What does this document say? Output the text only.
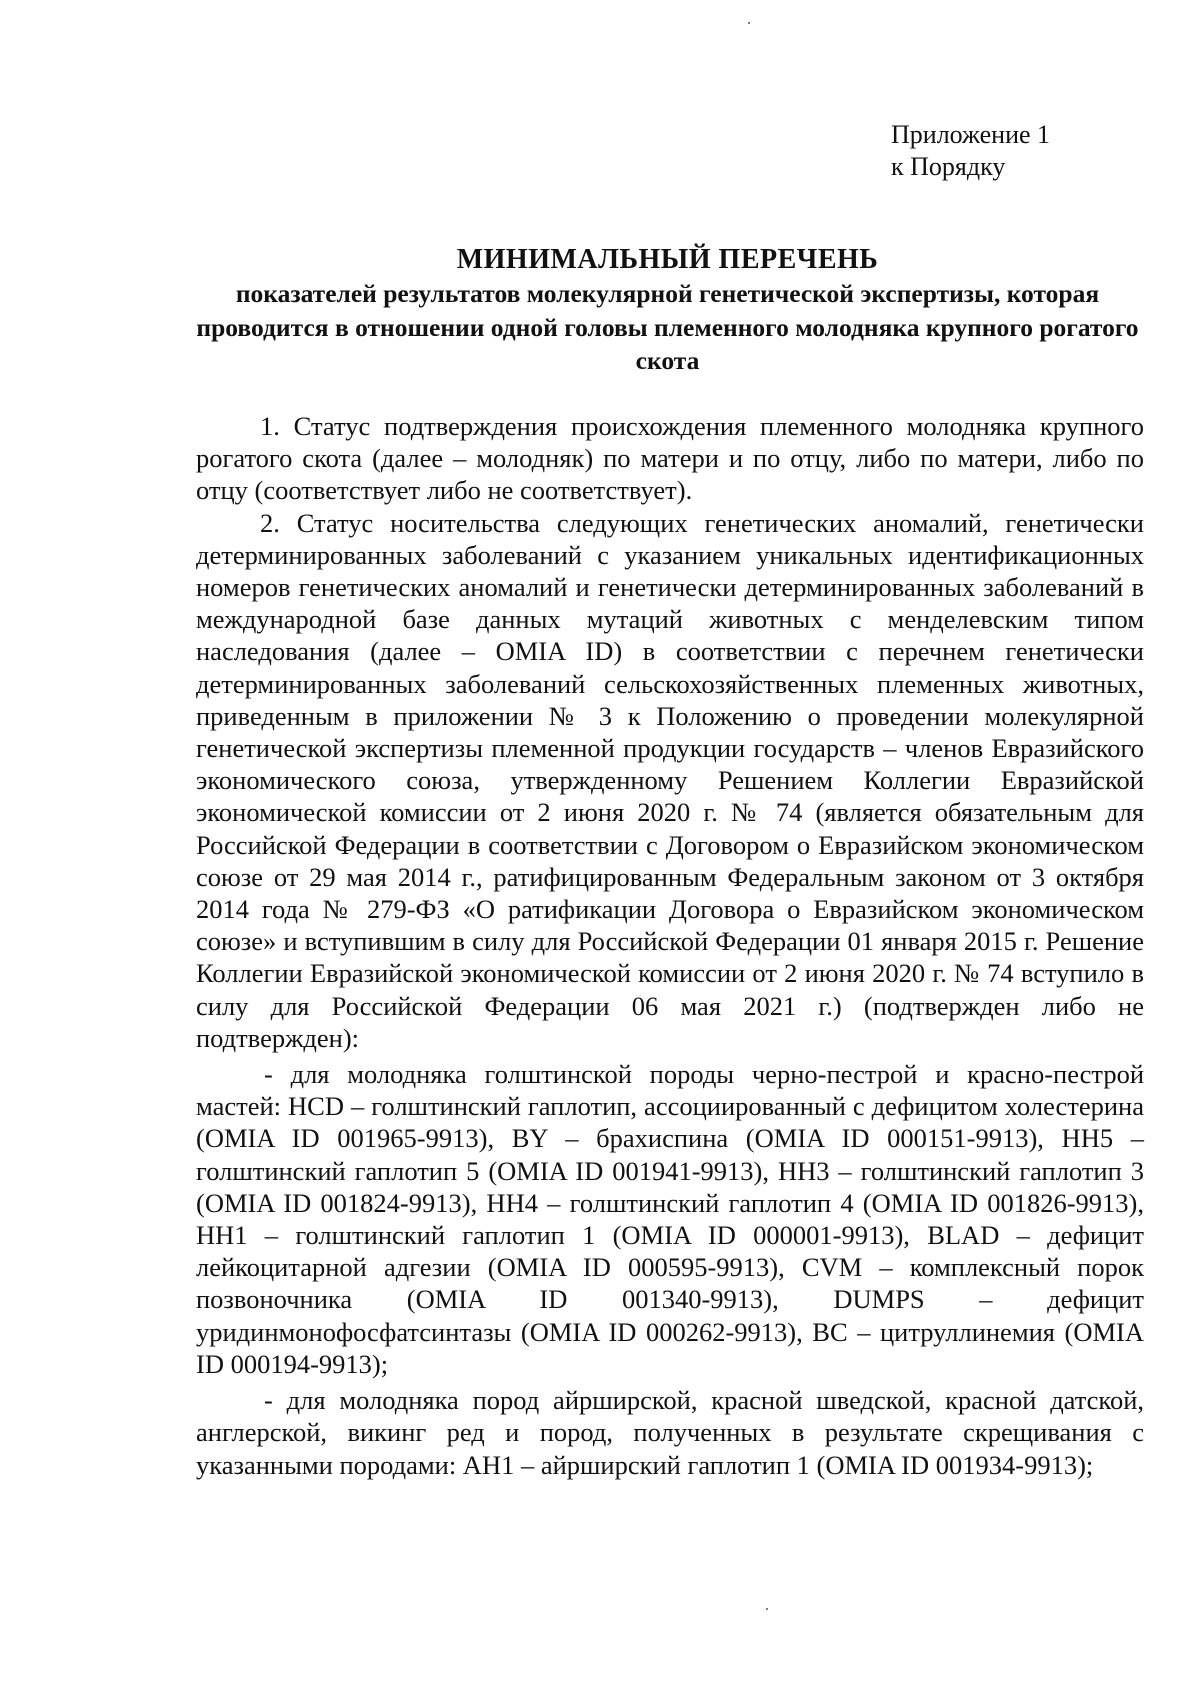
Приложение 1
к Порядку
МИНИМАЛЬНЫЙ ПЕРЕЧЕНЬ
показателей результатов молекулярной генетической экспертизы, которая проводится в отношении одной головы племенного молодняка крупного рогатого скота

1. Статус подтверждения происхождения племенного молодняка крупного рогатого скота (далее – молодняк) по матери и по отцу, либо по матери, либо по отцу (соответствует либо не соответствует).

2. Статус носительства следующих генетических аномалий, генетически детерминированных заболеваний с указанием уникальных идентификационных номеров генетических аномалий и генетически детерминированных заболеваний в международной базе данных мутаций животных с менделевским типом наследования (далее – OMIA ID) в соответствии с перечнем генетически детерминированных заболеваний сельскохозяйственных племенных животных, приведенным в приложении № 3 к Положению о проведении молекулярной генетической экспертизы племенной продукции государств – членов Евразийского экономического союза, утвержденному Решением Коллегии Евразийской экономической комиссии от 2 июня 2020 г. № 74 (является обязательным для Российской Федерации в соответствии с Договором о Евразийском экономическом союзе от 29 мая 2014 г., ратифицированным Федеральным законом от 3 октября 2014 года № 279-ФЗ «О ратификации Договора о Евразийском экономическом союзе» и вступившим в силу для Российской Федерации 01 января 2015 г. Решение Коллегии Евразийской экономической комиссии от 2 июня 2020 г. № 74 вступило в силу для Российской Федерации 06 мая 2021 г.) (подтвержден либо не подтвержден):

- для молодняка голштинской породы черно-пестрой и красно-пестрой мастей: HCD – голштинский гаплотип, ассоциированный с дефицитом холестерина (OMIA ID 001965-9913), BY – брахиспина (OMIA ID 000151-9913), HH5 – голштинский гаплотип 5 (OMIA ID 001941-9913), HH3 – голштинский гаплотип 3 (OMIA ID 001824-9913), HH4 – голштинский гаплотип 4 (OMIA ID 001826-9913), HH1 – голштинский гаплотип 1 (OMIA ID 000001-9913), BLAD – дефицит лейкоцитарной адгезии (OMIA ID 000595-9913), CVM – комплексный порок позвоночника (OMIA ID 001340-9913), DUMPS – дефицит уридинмонофосфатсинтазы (OMIA ID 000262-9913), BC – цитруллинемия (OMIA ID 000194-9913);

- для молодняка пород айрширской, красной шведской, красной датской, англерской, викинг ред и пород, полученных в результате скрещивания с указанными породами: AH1 – айрширский гаплотип 1 (OMIA ID 001934-9913);
